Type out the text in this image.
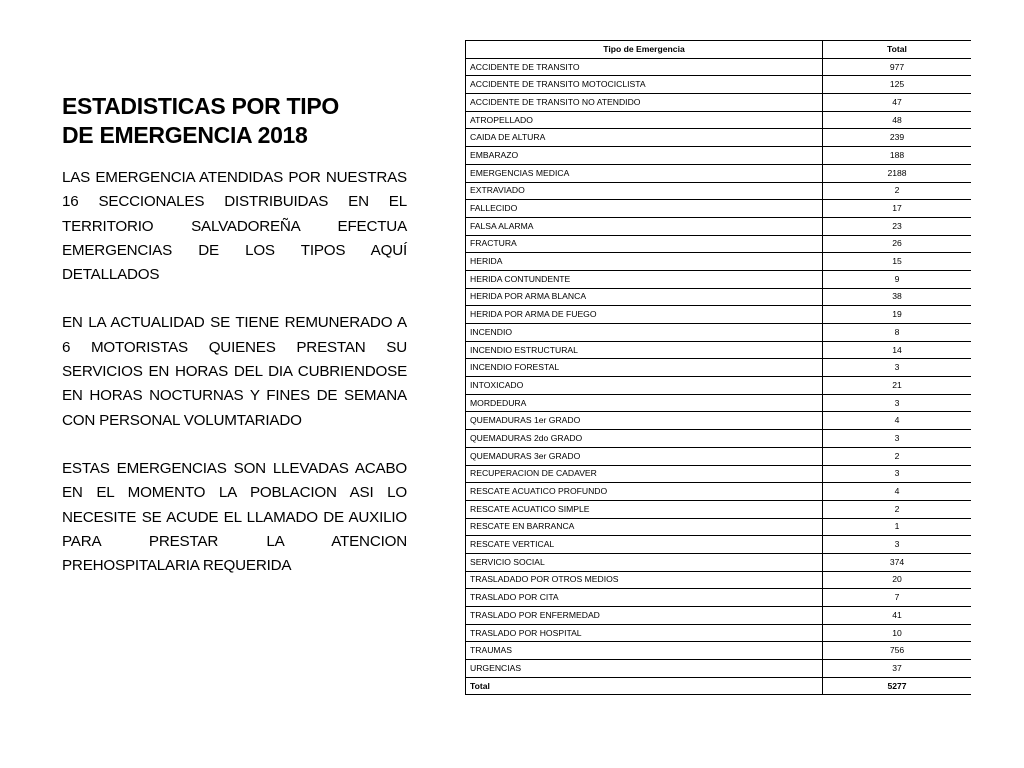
ESTADISTICAS POR TIPO
DE EMERGENCIA 2018

LAS EMERGENCIA ATENDIDAS POR NUESTRAS 16 SECCIONALES DISTRIBUIDAS EN EL TERRITORIO SALVADOREÑA EFECTUA EMERGENCIAS DE LOS TIPOS AQUÍ DETALLADOS

EN LA ACTUALIDAD SE TIENE REMUNERADO A 6 MOTORISTAS QUIENES PRESTAN SU SERVICIOS EN HORAS DEL DIA CUBRIENDOSE EN HORAS NOCTURNAS Y FINES DE SEMANA CON PERSONAL VOLUMTARIADO

ESTAS EMERGENCIAS SON LLEVADAS ACABO EN EL MOMENTO LA POBLACION ASI LO NECESITE SE ACUDE EL LLAMADO DE AUXILIO PARA PRESTAR LA ATENCION PREHOSPITALARIA REQUERIDA

Tipo de Emergencia	Total
ACCIDENTE DE TRANSITO	977
ACCIDENTE DE TRANSITO MOTOCICLISTA	125
ACCIDENTE DE TRANSITO NO ATENDIDO	47
ATROPELLADO	48
CAIDA DE ALTURA	239
EMBARAZO	188
EMERGENCIAS MEDICA	2188
EXTRAVIADO	2
FALLECIDO	17
FALSA ALARMA	23
FRACTURA	26
HERIDA	15
HERIDA CONTUNDENTE	9
HERIDA POR ARMA BLANCA	38
HERIDA POR ARMA DE FUEGO	19
INCENDIO	8
INCENDIO ESTRUCTURAL	14
INCENDIO FORESTAL	3
INTOXICADO	21
MORDEDURA	3
QUEMADURAS 1er GRADO	4
QUEMADURAS 2do GRADO	3
QUEMADURAS 3er GRADO	2
RECUPERACION DE CADAVER	3
RESCATE ACUATICO PROFUNDO	4
RESCATE ACUATICO SIMPLE	2
RESCATE EN BARRANCA	1
RESCATE VERTICAL	3
SERVICIO SOCIAL	374
TRASLADADO POR OTROS MEDIOS	20
TRASLADO POR CITA	7
TRASLADO POR ENFERMEDAD	41
TRASLADO POR HOSPITAL	10
TRAUMAS	756
URGENCIAS	37
Total	5277
